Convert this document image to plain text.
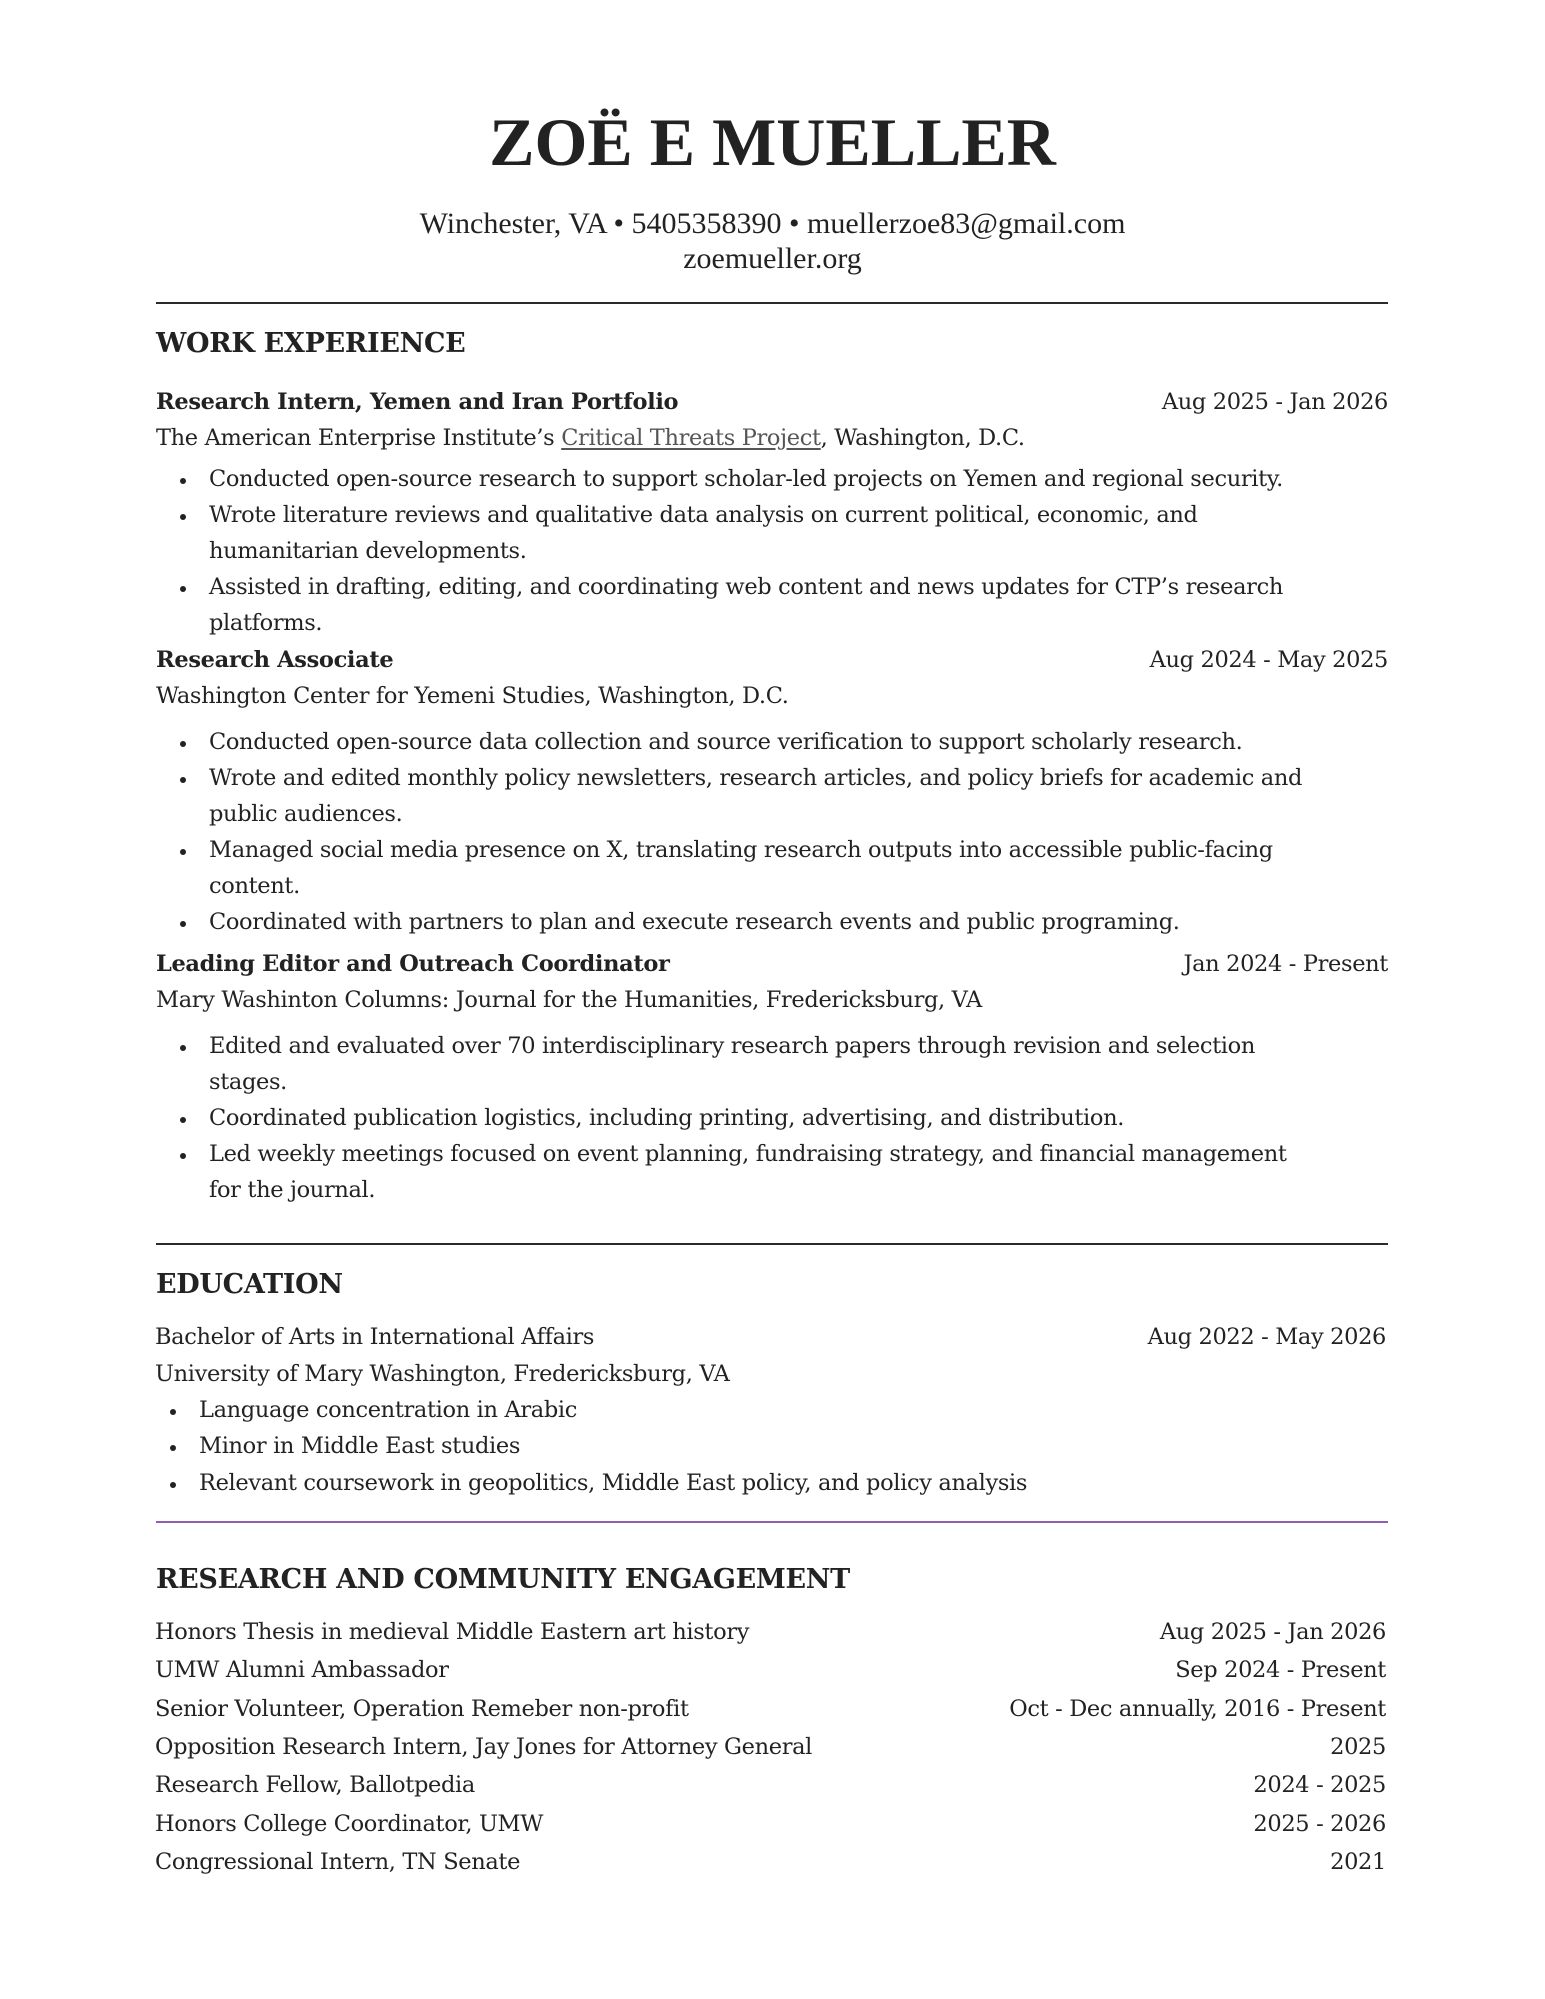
ZOË E MUELLER
Winchester, VA • 5405358390 • muellerzoe83@gmail.com
zoemueller.org
WORK EXPERIENCE
Research Intern, Yemen and Iran Portfolio	Aug 2025 - Jan 2026
The American Enterprise Institute’s Critical Threats Project, Washington, D.C.
Conducted open-source research to support scholar-led projects on Yemen and regional security.
Wrote literature reviews and qualitative data analysis on current political, economic, and
humanitarian developments.
Assisted in drafting, editing, and coordinating web content and news updates for CTP’s research
platforms.
Research Associate	Aug 2024 - May 2025
Washington Center for Yemeni Studies, Washington, D.C.
Conducted open-source data collection and source verification to support scholarly research.
Wrote and edited monthly policy newsletters, research articles, and policy briefs for academic and
public audiences.
Managed social media presence on X, translating research outputs into accessible public-facing
content.
Coordinated with partners to plan and execute research events and public programing.
Leading Editor and Outreach Coordinator	Jan 2024 - Present
Mary Washinton Columns: Journal for the Humanities, Fredericksburg, VA
Edited and evaluated over 70 interdisciplinary research papers through revision and selection
stages.
Coordinated publication logistics, including printing, advertising, and distribution.
Led weekly meetings focused on event planning, fundraising strategy, and financial management
for the journal.
EDUCATION
Bachelor of Arts in International Affairs	Aug 2022 - May 2026
University of Mary Washington, Fredericksburg, VA
Language concentration in Arabic
Minor in Middle East studies
Relevant coursework in geopolitics, Middle East policy, and policy analysis
RESEARCH AND COMMUNITY ENGAGEMENT
Honors Thesis in medieval Middle Eastern art history	Aug 2025 - Jan 2026
UMW Alumni Ambassador	Sep 2024 - Present
Senior Volunteer, Operation Remeber non-profit	Oct - Dec annually, 2016 - Present
Opposition Research Intern, Jay Jones for Attorney General	2025
Research Fellow, Ballotpedia	2024 - 2025
Honors College Coordinator, UMW	2025 - 2026
Congressional Intern, TN Senate	2021
